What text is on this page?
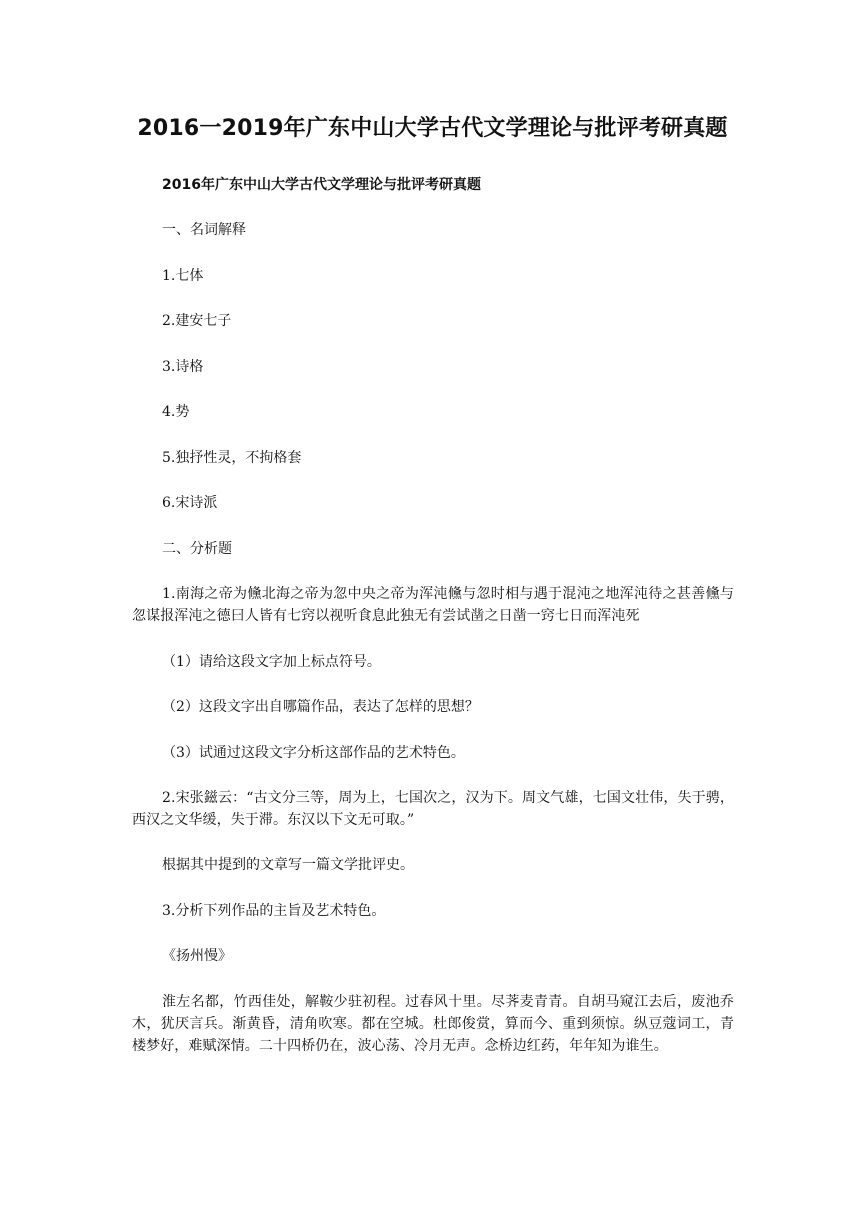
2016一2019年广东中山大学古代文学理论与批评考研真题
2016年广东中山大学古代文学理论与批评考研真题
一、名词解释
1.七体
2.建安七子
3.诗格
4.势
5.独抒性灵，不拘格套
6.宋诗派
二、分析题
1.南海之帝为儵北海之帝为忽中央之帝为浑沌儵与忽时相与遇于混沌之地浑沌待之甚善儵与忽谋报浑沌之德曰人皆有七窍以视听食息此独无有尝试凿之日凿一窍七日而浑沌死
（1）请给这段文字加上标点符号。
（2）这段文字出自哪篇作品，表达了怎样的思想？
（3）试通过这段文字分析这部作品的艺术特色。
2.宋张鎡云：“古文分三等，周为上，七国次之，汉为下。周文气雄，七国文壮伟，失于骋，西汉之文华缓，失于滞。东汉以下文无可取。”
根据其中提到的文章写一篇文学批评史。
3.分析下列作品的主旨及艺术特色。
《扬州慢》
淮左名都，竹西佳处，解鞍少驻初程。过春风十里。尽荠麦青青。自胡马窥江去后，废池乔木，犹厌言兵。渐黄昏，清角吹寒。都在空城。杜郎俊赏，算而今、重到须惊。纵豆蔻词工，青楼梦好，难赋深情。二十四桥仍在，波心荡、冷月无声。念桥边红药，年年知为谁生。
